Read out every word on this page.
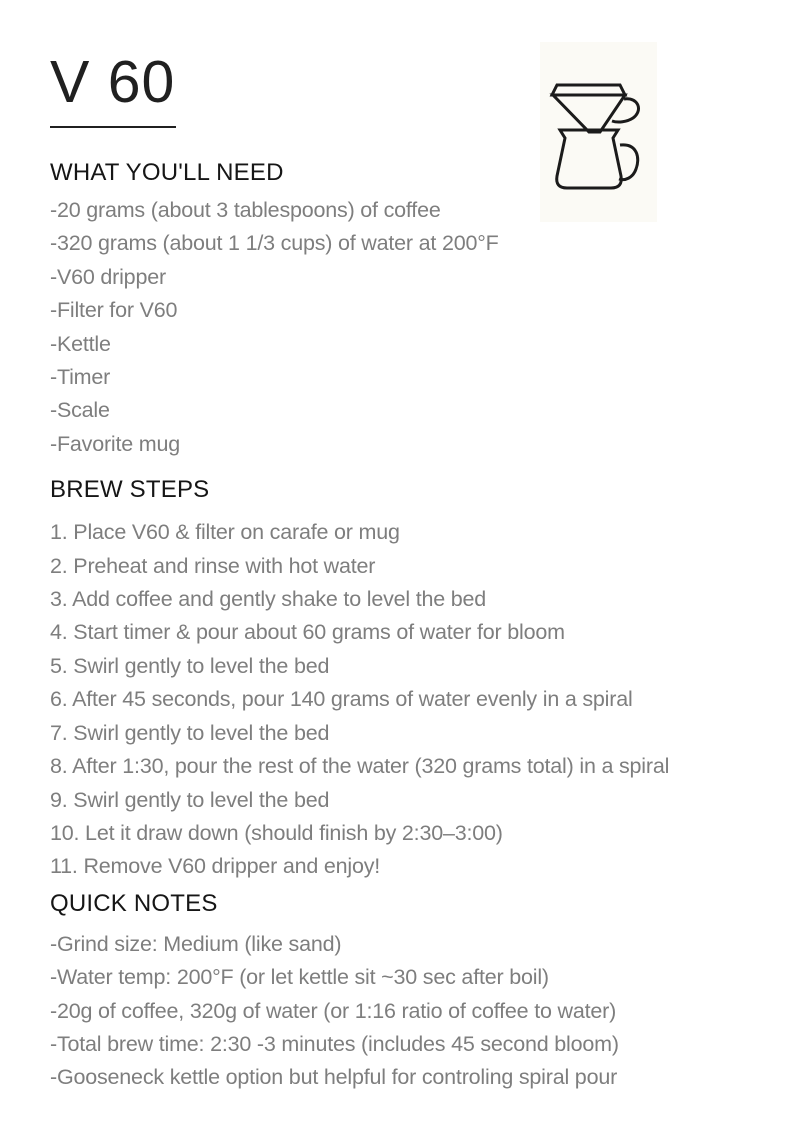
V 60
WHAT YOU'LL NEED
-20 grams (about 3 tablespoons) of coffee
-320 grams (about 1 1/3 cups) of water at 200°F
-V60 dripper
-Filter for V60
-Kettle
-Timer
-Scale
-Favorite mug
BREW STEPS
1. Place V60 & filter on carafe or mug
2. Preheat and rinse with hot water
3. Add coffee and gently shake to level the bed
4. Start timer & pour about 60 grams of water for bloom
5. Swirl gently to level the bed
6. After 45 seconds, pour 140 grams of water evenly in a spiral
7. Swirl gently to level the bed
8. After 1:30, pour the rest of the water (320 grams total) in a spiral
9. Swirl gently to level the bed
10. Let it draw down (should finish by 2:30–3:00)
11. Remove V60 dripper and enjoy!
QUICK NOTES
-Grind size: Medium (like sand)
-Water temp: 200°F (or let kettle sit ~30 sec after boil)
-20g of coffee, 320g of water (or 1:16 ratio of coffee to water)
-Total brew time: 2:30 -3 minutes (includes 45 second bloom)
-Gooseneck kettle option but helpful for controling spiral pour
